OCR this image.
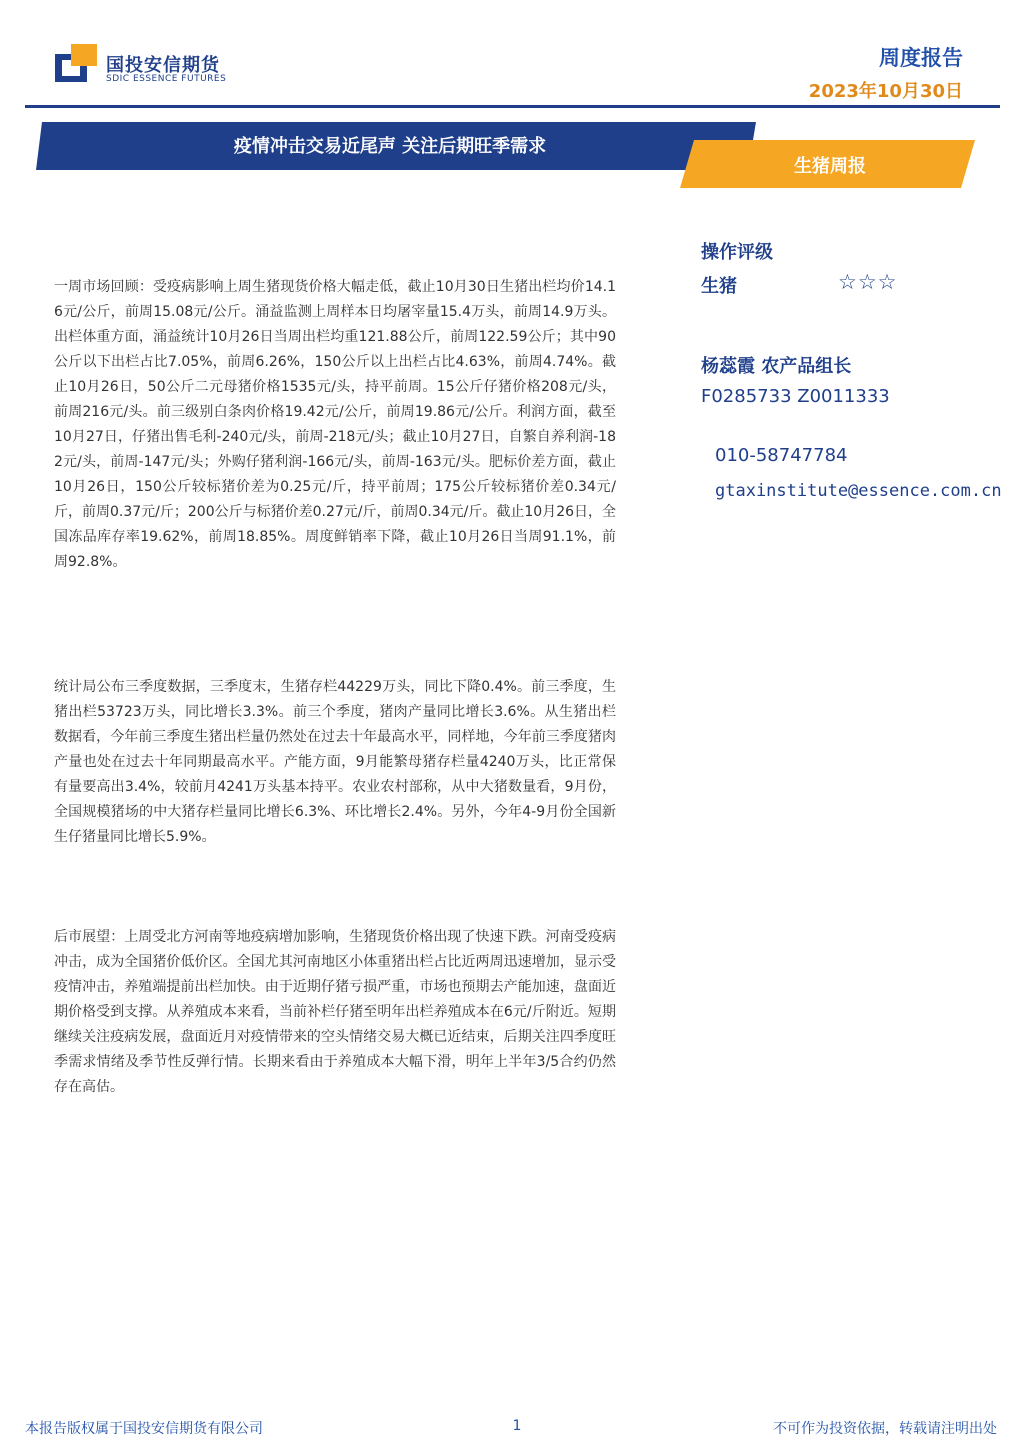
国投安信期货
SDIC ESSENCE FUTURES
周度报告
2023年10月30日
疫情冲击交易近尾声 关注后期旺季需求
生猪周报
一周市场回顾：受疫病影响上周生猪现货价格大幅走低，截止10月30日生猪出栏均价14.16元/公斤，前周15.08元/公斤。涌益监测上周样本日均屠宰量15.4万头，前周14.9万头。出栏体重方面，涌益统计10月26日当周出栏均重121.88公斤，前周122.59公斤；其中90公斤以下出栏占比7.05%，前周6.26%，150公斤以上出栏占比4.63%，前周4.74%。截止10月26日，50公斤二元母猪价格1535元/头，持平前周。15公斤仔猪价格208元/头，前周216元/头。前三级别白条肉价格19.42元/公斤，前周19.86元/公斤。利润方面，截至10月27日，仔猪出售毛利-240元/头，前周-218元/头；截止10月27日，自繁自养利润-182元/头，前周-147元/头；外购仔猪利润-166元/头，前周-163元/头。肥标价差方面，截止10月26日，150公斤较标猪价差为0.25元/斤，持平前周；175公斤较标猪价差0.34元/斤，前周0.37元/斤；200公斤与标猪价差0.27元/斤，前周0.34元/斤。截止10月26日，全国冻品库存率19.62%，前周18.85%。周度鲜销率下降，截止10月26日当周91.1%，前周92.8%。
统计局公布三季度数据，三季度末，生猪存栏44229万头，同比下降0.4%。前三季度，生猪出栏53723万头，同比增长3.3%。前三个季度，猪肉产量同比增长3.6%。从生猪出栏数据看，今年前三季度生猪出栏量仍然处在过去十年最高水平，同样地，今年前三季度猪肉产量也处在过去十年同期最高水平。产能方面，9月能繁母猪存栏量4240万头，比正常保有量要高出3.4%，较前月4241万头基本持平。农业农村部称，从中大猪数量看，9月份，全国规模猪场的中大猪存栏量同比增长6.3%、环比增长2.4%。另外，今年4-9月份全国新生仔猪量同比增长5.9%。
后市展望：上周受北方河南等地疫病增加影响，生猪现货价格出现了快速下跌。河南受疫病冲击，成为全国猪价低价区。全国尤其河南地区小体重猪出栏占比近两周迅速增加，显示受疫情冲击，养殖端提前出栏加快。由于近期仔猪亏损严重，市场也预期去产能加速，盘面近期价格受到支撑。从养殖成本来看，当前补栏仔猪至明年出栏养殖成本在6元/斤附近。短期继续关注疫病发展，盘面近月对疫情带来的空头情绪交易大概已近结束，后期关注四季度旺季需求情绪及季节性反弹行情。长期来看由于养殖成本大幅下滑，明年上半年3/5合约仍然存在高估。
操作评级
生猪	☆☆☆
杨蕊霞 农产品组长
F0285733 Z0011333
010-58747784
gtaxinstitute@essence.com.cn
本报告版权属于国投安信期货有限公司	1	不可作为投资依据，转载请注明出处
